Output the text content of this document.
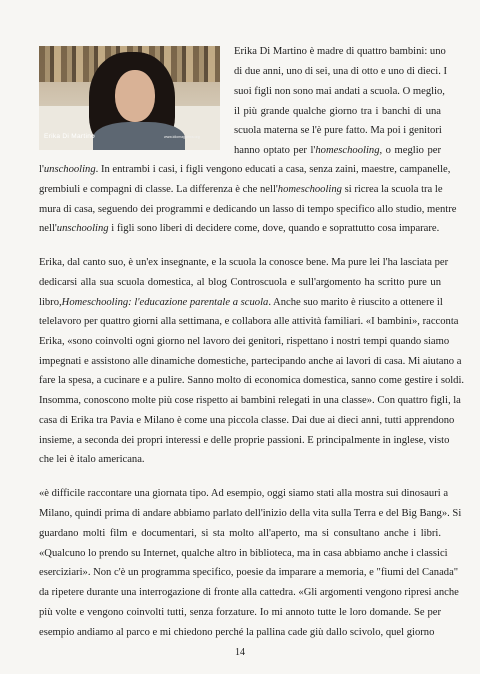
Erika Di Martino	www.idiomaguerra.org
Erika Di Martino è madre di quattro bambini: uno
di due anni, uno di sei, una di otto e uno di dieci. I
suoi figli non sono mai andati a scuola. O meglio,
il più grande qualche giorno tra i banchi di una
scuola materna se l'è pure fatto. Ma poi i genitori
hanno optato per l'homeschooling, o meglio per
l'unschooling. In entrambi i casi, i figli vengono educati a casa, senza zaini, maestre, campanelle,
grembiuli e compagni di classe. La differenza è che nell'homeschooling si ricrea la scuola tra le
mura di casa, seguendo dei programmi e dedicando un lasso di tempo specifico allo studio, mentre
nell'unschooling i figli sono liberi di decidere come, dove, quando e soprattutto cosa imparare.
Erika, dal canto suo, è un'ex insegnante, e la scuola la conosce bene. Ma pure lei l'ha lasciata per
dedicarsi alla sua scuola domestica, al blog Controscuola e sull'argomento ha scritto pure un
libro,Homeschooling: l'educazione parentale a scuola. Anche suo marito è riuscito a ottenere il
telelavoro per quattro giorni alla settimana, e collabora alle attività familiari. «I bambini», racconta
Erika, «sono coinvolti ogni giorno nel lavoro dei genitori, rispettano i nostri tempi quando siamo
impegnati e assistono alle dinamiche domestiche, partecipando anche ai lavori di casa. Mi aiutano a
fare la spesa, a cucinare e a pulire. Sanno molto di economica domestica, sanno come gestire i soldi.
Insomma, conoscono molte più cose rispetto ai bambini relegati in una classe». Con quattro figli, la
casa di Erika tra Pavia e Milano è come una piccola classe. Dai due ai dieci anni, tutti apprendono
insieme, a seconda dei propri interessi e delle proprie passioni. E principalmente in inglese, visto
che lei è italo americana.
«è difficile raccontare una giornata tipo. Ad esempio, oggi siamo stati alla mostra sui dinosauri a
Milano, quindi prima di andare abbiamo parlato dell'inizio della vita sulla Terra e del Big Bang». Si
guardano molti film e documentari, si sta molto all'aperto, ma si consultano anche i libri.
«Qualcuno lo prendo su Internet, qualche altro in biblioteca, ma in casa abbiamo anche i classici
eserciziari». Non c'è un programma specifico, poesie da imparare a memoria, e "fiumi del Canada"
da ripetere durante una interrogazione di fronte alla cattedra. «Gli argomenti vengono ripresi anche
più volte e vengono coinvolti tutti, senza forzature. Io mi annoto tutte le loro domande. Se per
esempio andiamo al parco e mi chiedono perché la pallina cade giù dallo scivolo, quel giorno
14
